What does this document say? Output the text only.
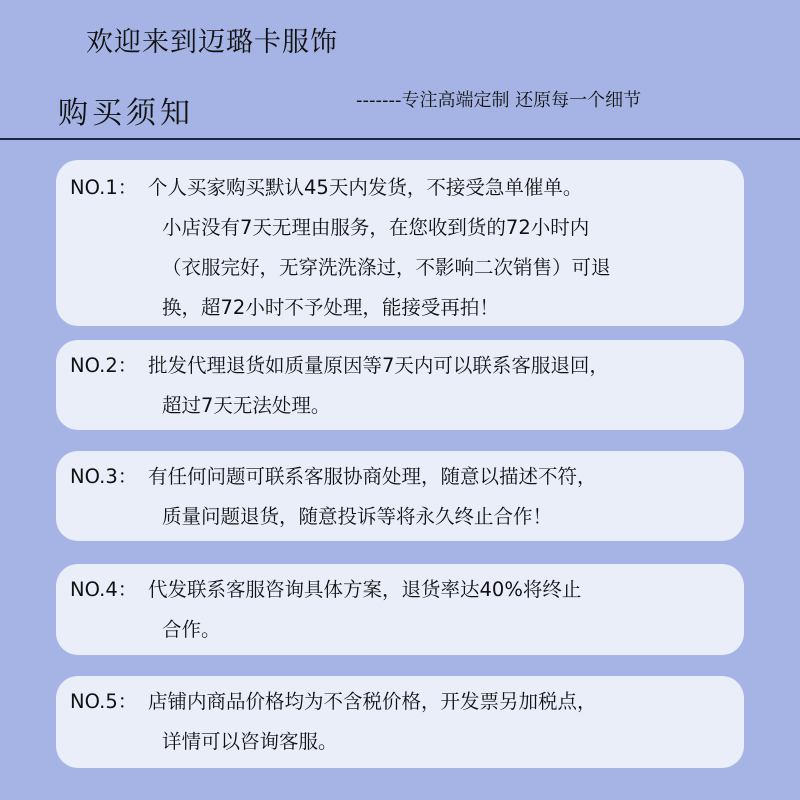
欢迎来到迈璐卡服饰
购买须知	-------专注高端定制 还原每一个细节
NO.1： 个人买家购买默认45天内发货，不接受急单催单。
小店没有7天无理由服务，在您收到货的72小时内
（衣服完好，无穿洗洗涤过，不影响二次销售）可退
换，超72小时不予处理，能接受再拍！
NO.2： 批发代理退货如质量原因等7天内可以联系客服退回，
超过7天无法处理。
NO.3： 有任何问题可联系客服协商处理，随意以描述不符，
质量问题退货，随意投诉等将永久终止合作！
NO.4： 代发联系客服咨询具体方案，退货率达40%将终止
合作。
NO.5： 店铺内商品价格均为不含税价格，开发票另加税点，
详情可以咨询客服。
